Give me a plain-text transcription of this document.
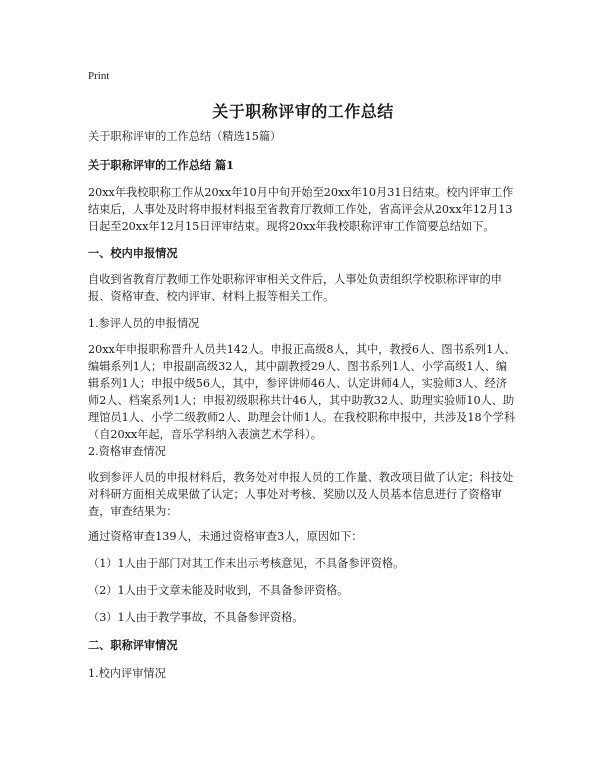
Print
关于职称评审的工作总结

关于职称评审的工作总结（精选15篇）

关于职称评审的工作总结 篇1

20xx年我校职称工作从20xx年10月中旬开始至20xx年10月31日结束。校内评审工作结束后，人事处及时将申报材料报至省教育厅教师工作处，省高评会从20xx年12月13日起至20xx年12月15日评审结束。现将20xx年我校职称评审工作简要总结如下。

一、校内申报情况

自收到省教育厅教师工作处职称评审相关文件后，人事处负责组织学校职称评审的申报、资格审查、校内评审、材料上报等相关工作。

1.参评人员的申报情况

20xx年申报职称晋升人员共142人。申报正高级8人，其中，教授6人、图书系列1人、编辑系列1人；申报副高级32人，其中副教授29人、图书系列1人、小学高级1人、编辑系列1人；申报中级56人，其中，参评讲师46人、认定讲师4人，实验师3人、经济师2人、档案系列1人；申报初级职称共计46人，其中助教32人、助理实验师10人、助理馆员1人、小学二级教师2人、助理会计师1人。在我校职称申报中，共涉及18个学科（自20xx年起，音乐学科纳入表演艺术学科）。

2.资格审查情况

收到参评人员的申报材料后，教务处对申报人员的工作量、教改项目做了认定；科技处对科研方面相关成果做了认定；人事处对考核、奖励以及人员基本信息进行了资格审查，审查结果为：

通过资格审查139人，未通过资格审查3人，原因如下：

（1）1人由于部门对其工作未出示考核意见，不具备参评资格。

（2）1人由于文章未能及时收到，不具备参评资格。

（3）1人由于教学事故，不具备参评资格。

二、职称评审情况

1.校内评审情况
